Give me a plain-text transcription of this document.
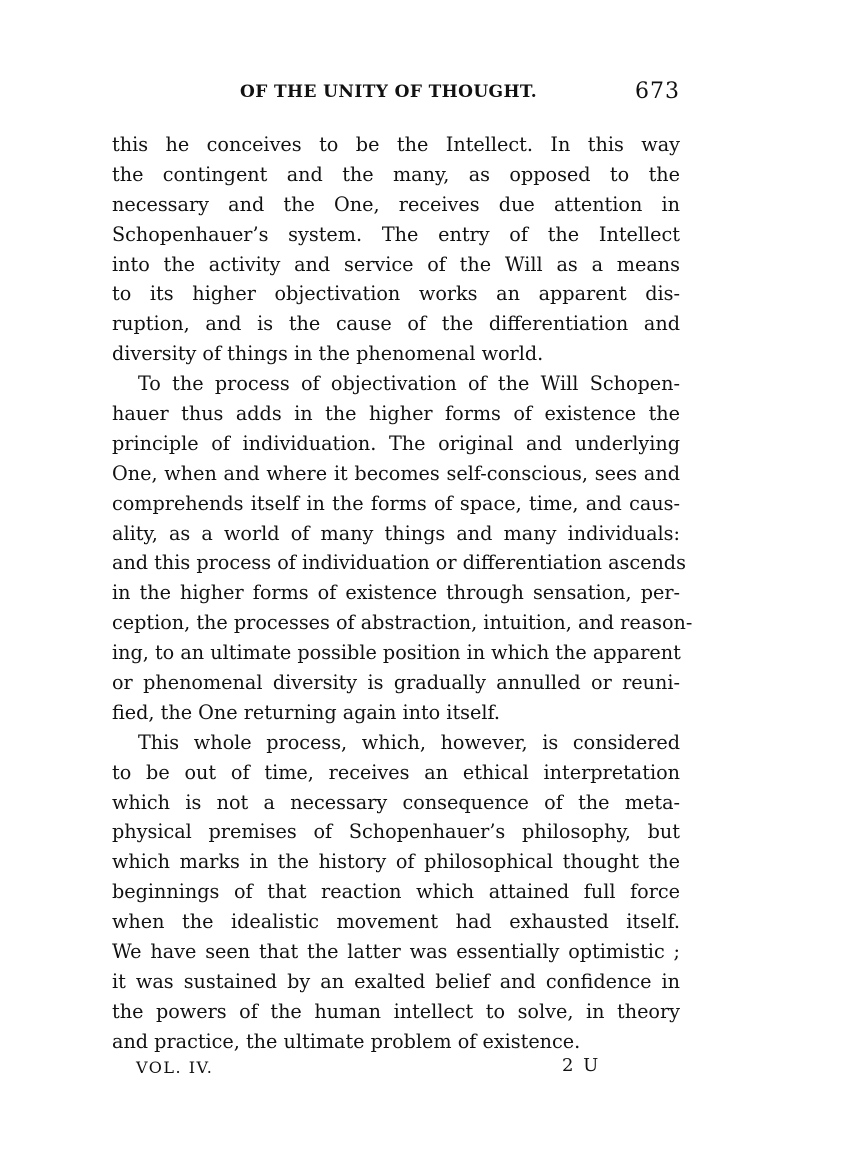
OF THE UNITY OF THOUGHT.	673
this he conceives to be the Intellect. In this way
the contingent and the many, as opposed to the
necessary and the One, receives due attention in
Schopenhauer’s system. The entry of the Intellect
into the activity and service of the Will as a means
to its higher objectivation works an apparent dis-
ruption, and is the cause of the differentiation and
diversity of things in the phenomenal world.
To the process of objectivation of the Will Schopen-
hauer thus adds in the higher forms of existence the
principle of individuation. The original and underlying
One, when and where it becomes self-conscious, sees and
comprehends itself in the forms of space, time, and caus-
ality, as a world of many things and many individuals:
and this process of individuation or differentiation ascends
in the higher forms of existence through sensation, per-
ception, the processes of abstraction, intuition, and reason-
ing, to an ultimate possible position in which the apparent
or phenomenal diversity is gradually annulled or reuni-
fied, the One returning again into itself.
This whole process, which, however, is considered
to be out of time, receives an ethical interpretation
which is not a necessary consequence of the meta-
physical premises of Schopenhauer’s philosophy, but
which marks in the history of philosophical thought the
beginnings of that reaction which attained full force
when the idealistic movement had exhausted itself.
We have seen that the latter was essentially optimistic ;
it was sustained by an exalted belief and confidence in
the powers of the human intellect to solve, in theory
and practice, the ultimate problem of existence.
VOL. IV.	2 U
